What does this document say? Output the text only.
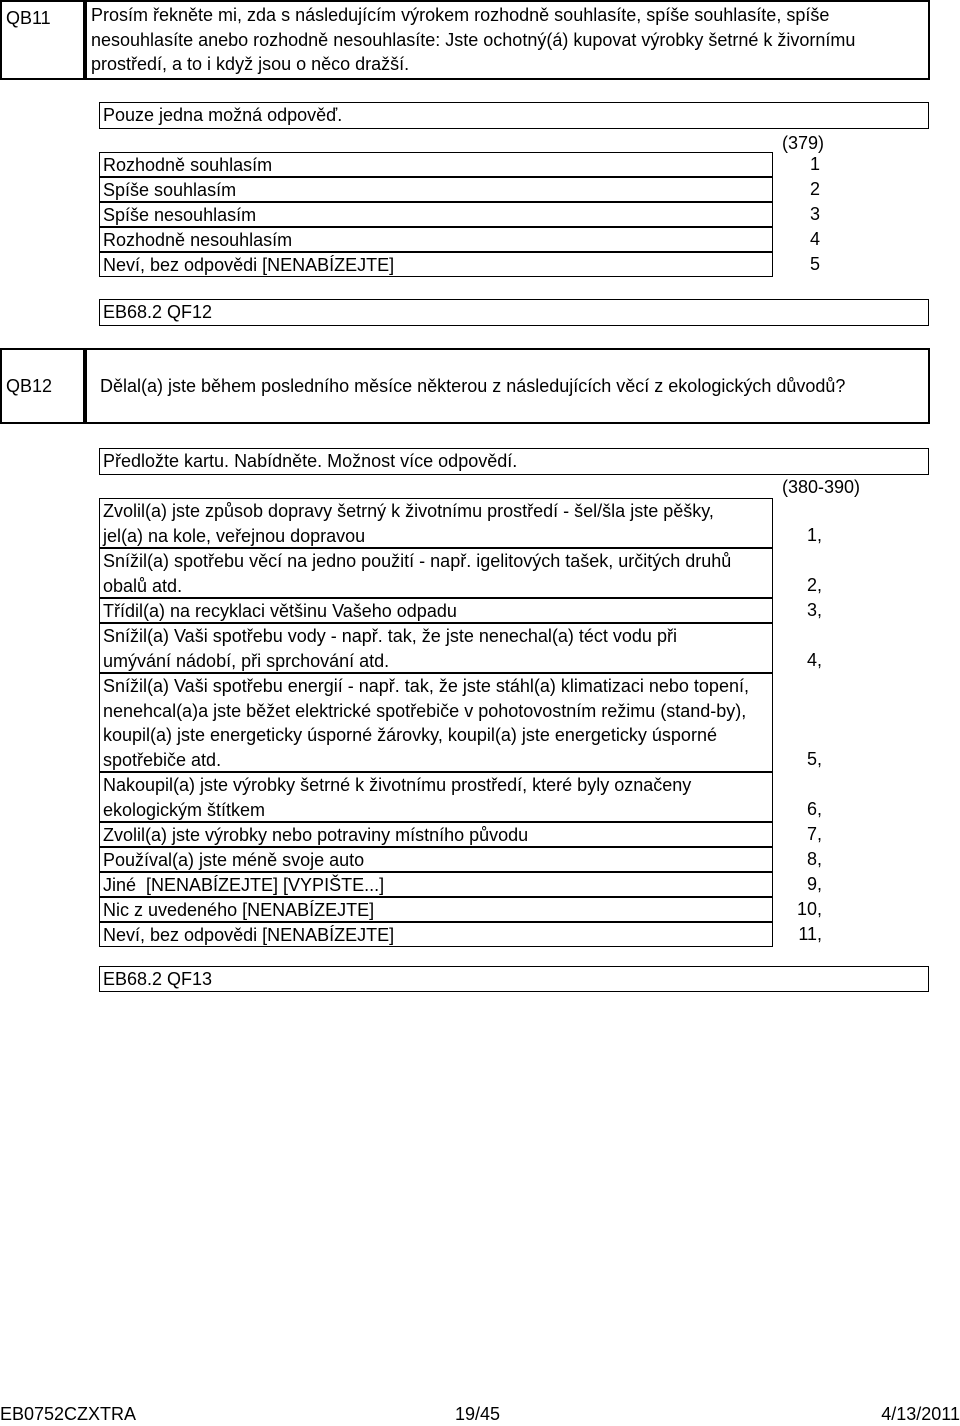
QB11 Prosím řekněte mi, zda s následujícím výrokem rozhodně souhlasíte, spíše souhlasíte, spíše nesouhlasíte anebo rozhodně nesouhlasíte: Jste ochotný(á) kupovat výrobky šetrné k živornímu prostředí, a to i když jsou o něco dražší.
Pouze jedna možná odpověď.
(379)
Rozhodně souhlasím	1
Spíše souhlasím	2
Spíše nesouhlasím	3
Rozhodně nesouhlasím	4
Neví, bez odpovědi [NENABÍZEJTE]	5
EB68.2 QF12
QB12	Dělal(a) jste během posledního měsíce některou z následujících věcí z ekologických důvodů?
Předložte kartu. Nabídněte. Možnost více odpovědí.
(380-390)
Zvolil(a) jste způsob dopravy šetrný k životnímu prostředí - šel/šla jste pěšky, jel(a) na kole, veřejnou dopravou	1,
Snížil(a) spotřebu věcí na jedno použití - např. igelitových tašek, určitých druhů obalů atd.	2,
Třídil(a) na recyklaci většinu Vašeho odpadu	3,
Snížil(a) Vaši spotřebu vody - např. tak, že jste nenechal(a) téct vodu při umývání nádobí, při sprchování atd.	4,
Snížil(a) Vaši spotřebu energií - např. tak, že jste stáhl(a) klimatizaci nebo topení, nenehcal(a)a jste běžet elektrické spotřebiče v pohotovostním režimu (stand-by), koupil(a) jste energeticky úsporné žárovky, koupil(a) jste energeticky úsporné spotřebiče atd.	5,
Nakoupil(a) jste výrobky šetrné k životnímu prostředí, které byly označeny ekologickým štítkem	6,
Zvolil(a) jste výrobky nebo potraviny místního původu	7,
Používal(a) jste méně svoje auto	8,
Jiné  [NENABÍZEJTE] [VYPIŠTE...]	9,
Nic z uvedeného [NENABÍZEJTE]	10,
Neví, bez odpovědi [NENABÍZEJTE]	11,
EB68.2 QF13
EB0752CZXTRA	19/45	4/13/2011
